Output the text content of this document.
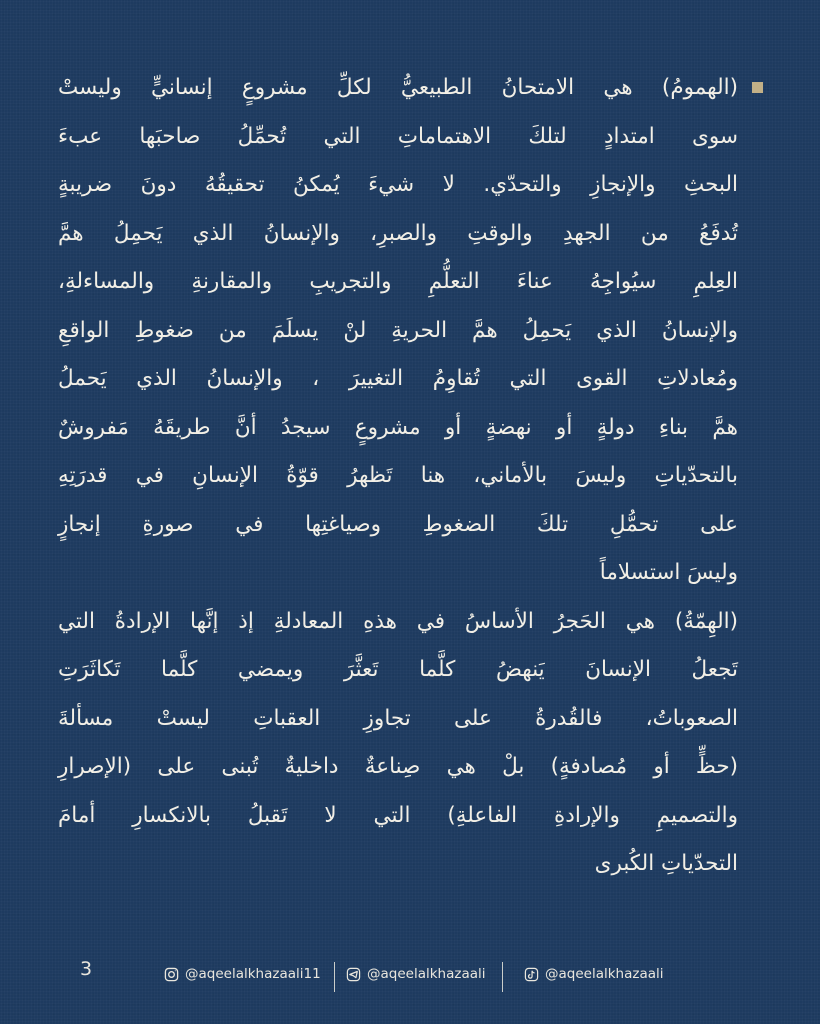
(الهمومُ) هي الامتحانُ الطبيعيُّ لكلِّ مشروعٍ إنسانيٍّ وليستْ
سوى امتدادٍ لتلكَ الاهتماماتِ التي تُحمِّلُ صاحبَها عبءَ
البحثِ والإنجازِ والتحدّي. لا شيءَ يُمكنُ تحقيقُهُ دونَ ضريبةٍ
تُدفَعُ من الجهدِ والوقتِ والصبرِ، والإنسانُ الذي يَحمِلُ همَّ
العِلمِ سيُواجِهُ عناءَ التعلُّمِ والتجريبِ والمقارنةِ والمساءلةِ،
والإنسانُ الذي يَحمِلُ همَّ الحريةِ لنْ يسلَمَ من ضغوطِ الواقعِ
ومُعادلاتِ القوى التي تُقاوِمُ التغييرَ ، والإنسانُ الذي يَحملُ
همَّ بناءِ دولةٍ أو نهضةٍ أو مشروعٍ سيجدُ أنَّ طريقَهُ مَفروشٌ
بالتحدّياتِ وليسَ بالأماني، هنا تَظهرُ قوّةُ الإنسانِ في قدرَتِهِ
على تحمُّلِ تلكَ الضغوطِ وصياغتِها في صورةِ إنجازٍ
وليسَ استسلاماً
(الهِمّةُ) هي الحَجرُ الأساسُ في هذهِ المعادلةِ إذ إنَّها الإرادةُ التي
تَجعلُ الإنسانَ يَنهضُ كلَّما تَعثَّرَ ويمضي كلَّما تَكاثَرَتِ
الصعوباتُ، فالقُدرةُ على تجاوزِ العقباتِ ليستْ مسألةَ
(حظٍّ أو مُصادفةٍ) بلْ هي صِناعةٌ داخليةٌ تُبنى على (الإصرارِ
والتصميمِ والإرادةِ الفاعلةِ) التي لا تَقبلُ بالانكسارِ أمامَ
التحدّياتِ الكُبرى
3	@aqeelalkhazaali11	@aqeelalkhazaali	@aqeelalkhazaali
